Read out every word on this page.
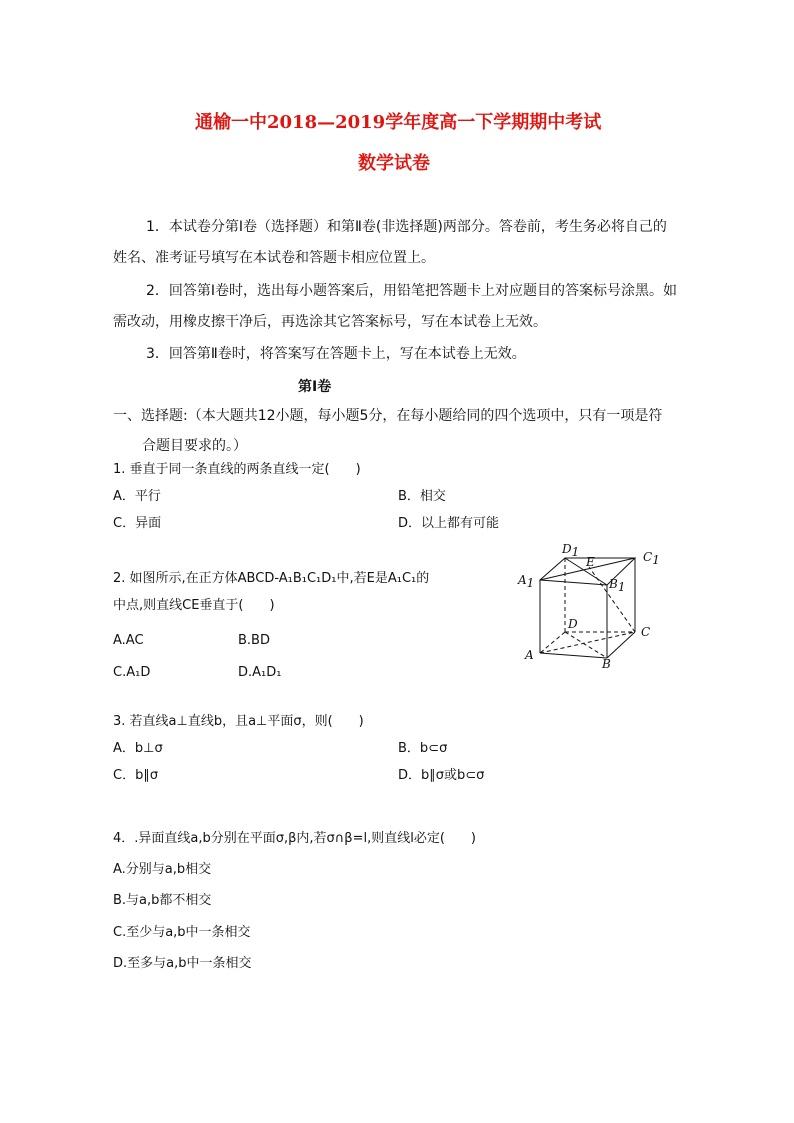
通榆一中2018—2019学年度高一下学期期中考试
数学试卷
1．本试卷分第Ⅰ卷（选择题）和第Ⅱ卷(非选择题)两部分。答卷前，考生务必将自己的
姓名、准考证号填写在本试卷和答题卡相应位置上。
2．回答第Ⅰ卷时，选出每小题答案后，用铅笔把答题卡上对应题目的答案标号涂黑。如
需改动，用橡皮擦干净后，再选涂其它答案标号，写在本试卷上无效。
3．回答第Ⅱ卷时，将答案写在答题卡上，写在本试卷上无效。
第Ⅰ卷
一、选择题:（本大题共12小题，每小题5分，在每小题给同的四个选项中，只有一项是符
合题目要求的。）
1. 垂直于同一条直线的两条直线一定(　　)
A．平行	B．相交
C．异面	D．以上都有可能
2. 如图所示,在正方体ABCD-A₁B₁C₁D₁中,若E是A₁C₁的
中点,则直线CE垂直于(　　)
A.AC	B.BD
C.A₁D	D.A₁D₁
D1	C1
A1	B1
E
D
C
A
B
3. 若直线a⊥直线b，且a⊥平面σ，则(　　)
A．b⊥σ	B．b⊂σ
C．b∥σ	D．b∥σ或b⊂σ
4．.异面直线a,b分别在平面σ,β内,若σ∩β=l,则直线l必定(　　)
A.分别与a,b相交
B.与a,b都不相交
C.至少与a,b中一条相交
D.至多与a,b中一条相交
